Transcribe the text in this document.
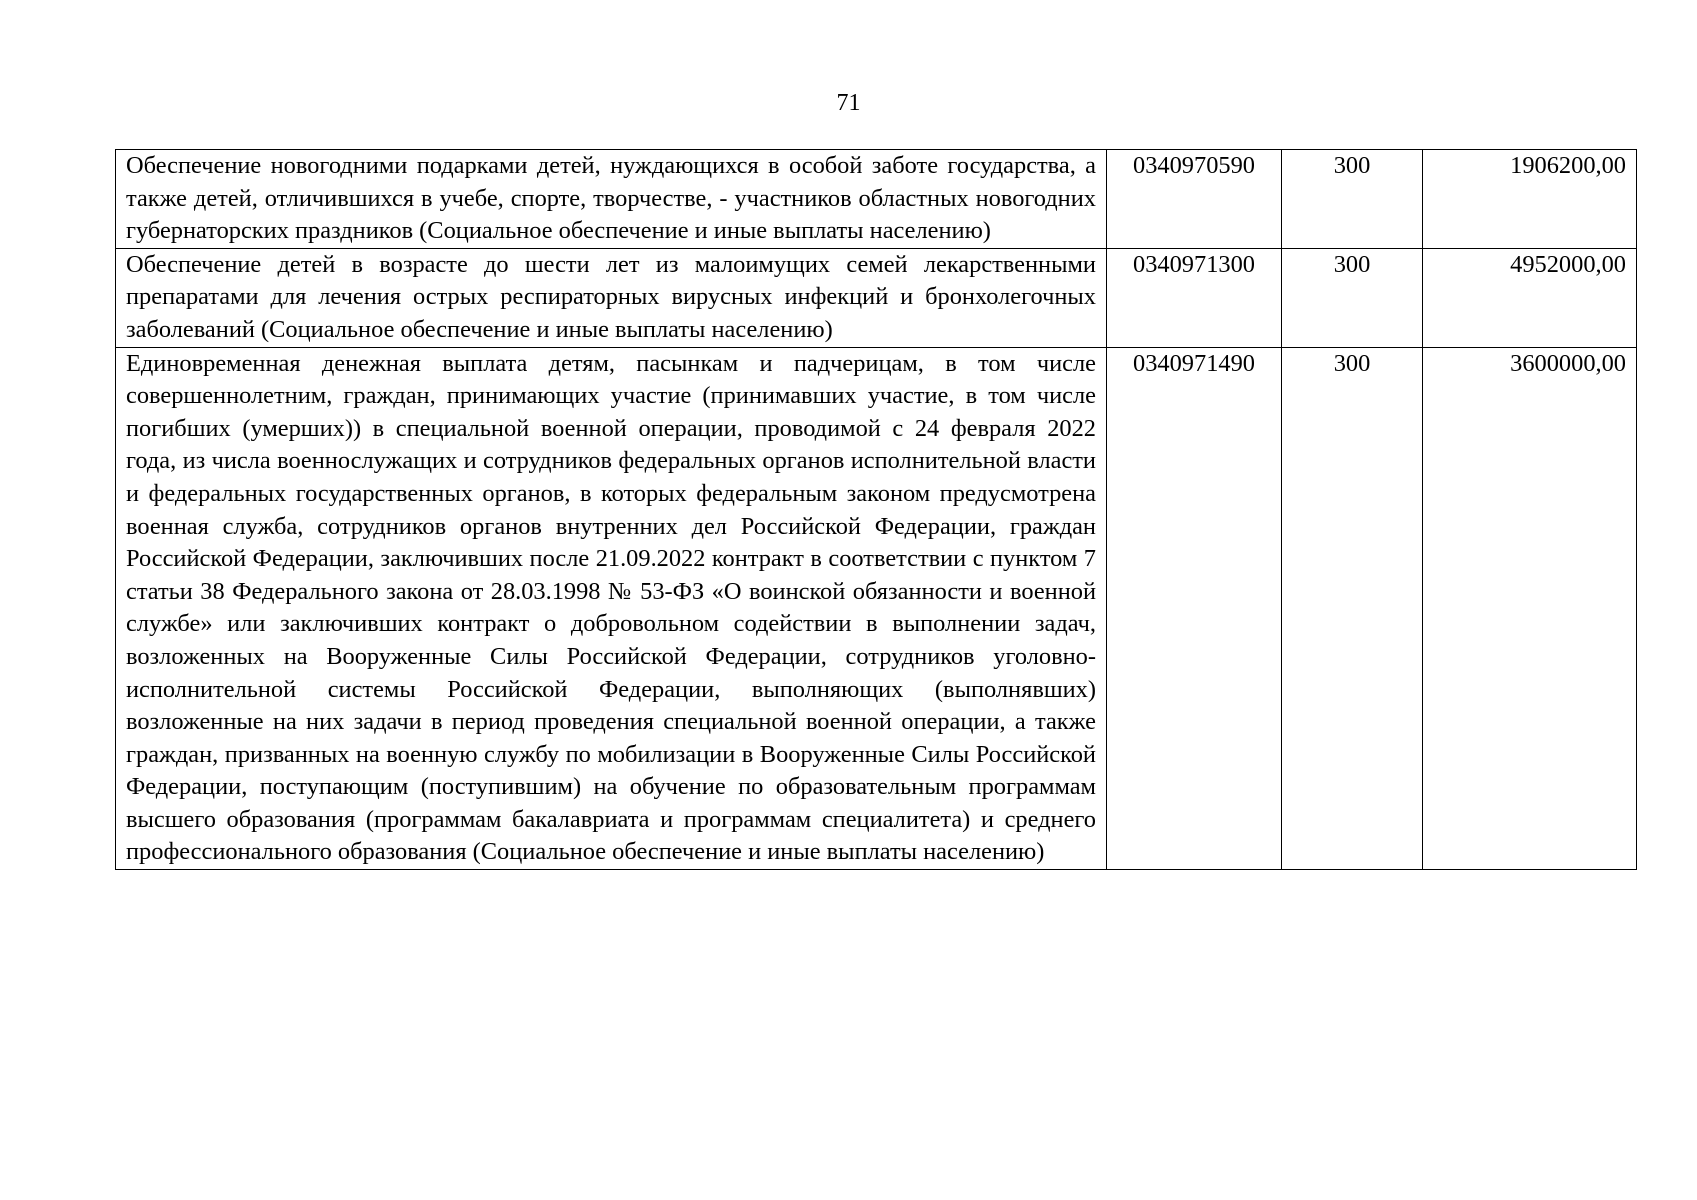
71
Обеспечение новогодними подарками детей, нуждающихся в особой заботе государства, а также детей, отличившихся в учебе, спорте, творчестве, - участников областных новогодних губернаторских праздников (Социальное обеспечение и иные выплаты населению)	0340970590	300	1906200,00
Обеспечение детей в возрасте до шести лет из малоимущих семей лекарственными препаратами для лечения острых респираторных вирусных инфекций и бронхолегочных заболеваний (Социальное обеспечение и иные выплаты населению)	0340971300	300	4952000,00
Единовременная денежная выплата детям, пасынкам и падчерицам, в том числе совершеннолетним, граждан, принимающих участие (принимавших участие, в том числе погибших (умерших)) в специальной военной операции, проводимой с 24 февраля 2022 года, из числа военнослужащих и сотрудников федеральных органов исполнительной власти и федеральных государственных органов, в которых федеральным законом предусмотрена военная служба, сотрудников органов внутренних дел Российской Федерации, граждан Российской Федерации, заключивших после 21.09.2022 контракт в соответствии с пунктом 7 статьи 38 Федерального закона от 28.03.1998 № 53-ФЗ «О воинской обязанности и военной службе» или заключивших контракт о добровольном содействии в выполнении задач, возложенных на Вооруженные Силы Российской Федерации, сотрудников уголовно-исполнительной системы Российской Федерации, выполняющих (выполнявших) возложенные на них задачи в период проведения специальной военной операции, а также граждан, призванных на военную службу по мобилизации в Вооруженные Силы Российской Федерации, поступающим (поступившим) на обучение по образовательным программам высшего образования (программам бакалавриата и программам специалитета) и среднего профессионального образования (Социальное обеспечение и иные выплаты населению)	0340971490	300	3600000,00
